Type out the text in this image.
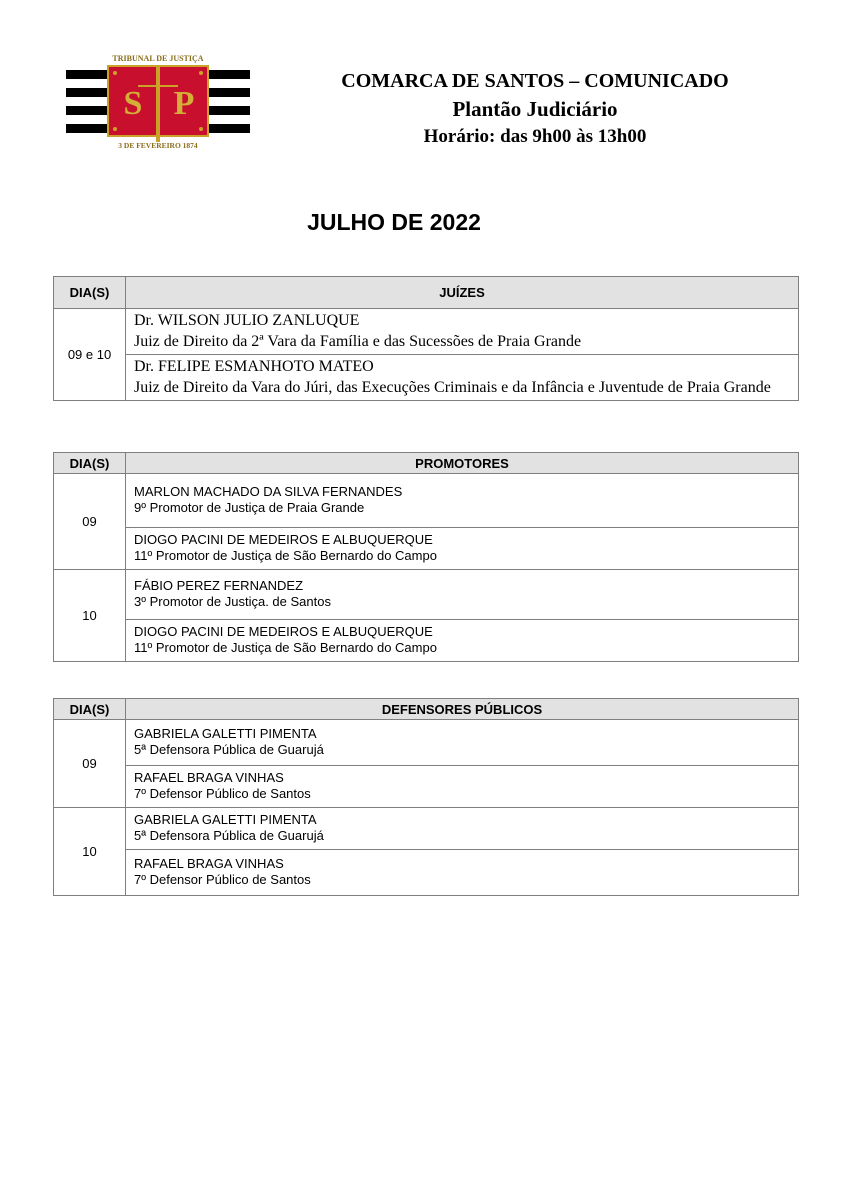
TRIBUNAL DE JUSTIÇA
S P
3 DE FEVEREIRO 1874
COMARCA DE SANTOS – COMUNICADO
Plantão Judiciário
Horário: das 9h00 às 13h00
JULHO DE 2022
DIA(S)	JUÍZES
09 e 10	Dr. WILSON JULIO ZANLUQUE
Juiz de Direito da 2ª Vara da Família e das Sucessões de Praia Grande

	Dr. FELIPE ESMANHOTO MATEO
Juiz de Direito da Vara do Júri, das Execuções Criminais e da Infância e Juventude de Praia Grande
DIA(S)	PROMOTORES
09	MARLON MACHADO DA SILVA FERNANDES
9º Promotor de Justiça de Praia Grande

	DIOGO PACINI DE MEDEIROS E ALBUQUERQUE
11º Promotor de Justiça de São Bernardo do Campo

10	FÁBIO PEREZ FERNANDEZ
3º Promotor de Justiça. de Santos

	DIOGO PACINI DE MEDEIROS E ALBUQUERQUE
11º Promotor de Justiça de São Bernardo do Campo
DIA(S)	DEFENSORES PÚBLICOS
09	GABRIELA GALETTI PIMENTA
5ª Defensora Pública de Guarujá

	RAFAEL BRAGA VINHAS
7º Defensor Público de Santos

10	GABRIELA GALETTI PIMENTA
5ª Defensora Pública de Guarujá

	RAFAEL BRAGA VINHAS
7º Defensor Público de Santos
